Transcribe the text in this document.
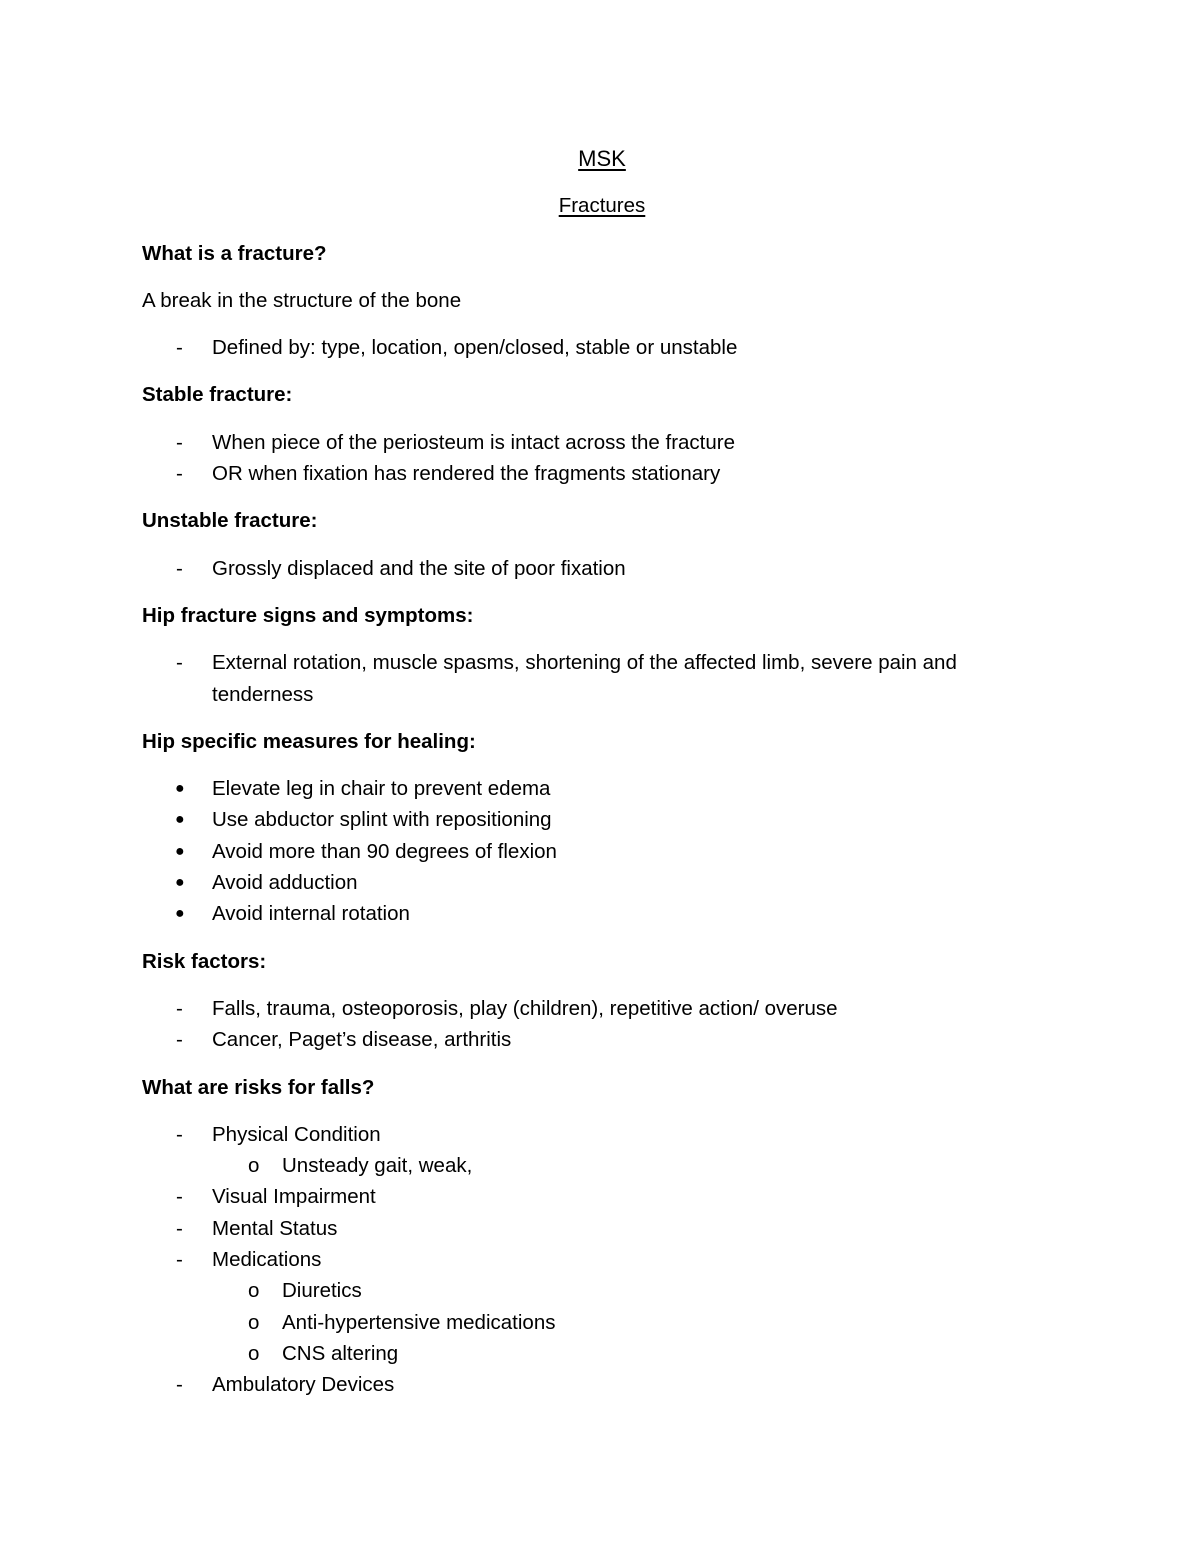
MSK
Fractures
What is a fracture?
A break in the structure of the bone
-	Defined by: type, location, open/closed, stable or unstable
Stable fracture:
-	When piece of the periosteum is intact across the fracture
-	OR when fixation has rendered the fragments stationary
Unstable fracture:
-	Grossly displaced and the site of poor fixation
Hip fracture signs and symptoms:
-	External rotation, muscle spasms, shortening of the affected limb, severe pain and tenderness
Hip specific measures for healing:
●	Elevate leg in chair to prevent edema
●	Use abductor splint with repositioning
●	Avoid more than 90 degrees of flexion
●	Avoid adduction
●	Avoid internal rotation
Risk factors:
-	Falls, trauma, osteoporosis, play (children), repetitive action/ overuse
-	Cancer, Paget’s disease, arthritis
What are risks for falls?
-	Physical Condition
o	Unsteady gait, weak,
-	Visual Impairment
-	Mental Status
-	Medications
o	Diuretics
o	Anti-hypertensive medications
o	CNS altering
-	Ambulatory Devices
